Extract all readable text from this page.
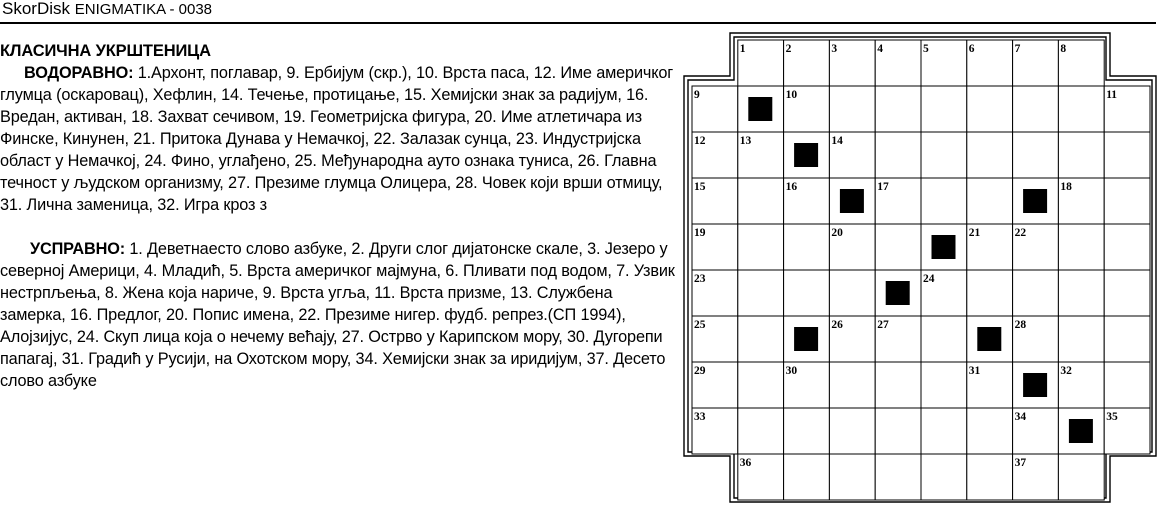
SkorDisk ENIGMATIKA - 0038
КЛАСИЧНА УКРШТЕНИЦА

ВОДОРАВНО: 1.Архонт, поглавар, 9. Ербијум (скр.), 10. Врста паса, 12. Име америчког глумца (оскаровац), Хефлин, 14. Течење, протицање, 15. Хемијски знак за радијум, 16. Вредан, активан, 18. Захват сечивом, 19. Геометријска фигура, 20. Име атлетичара из Финске, Кинунен, 21. Притока Дунава у Немачкој, 22. Залазак сунца, 23. Индустријска област у Немачкој, 24. Фино, углађено, 25. Међународна ауто ознака туниса, 26. Главна течност у људском организму, 27. Презиме глумца Олицера, 28. Човек који врши отмицу, 31. Лична заменица, 32. Игра кроз з

УСПРАВНО: 1. Деветнаесто слово азбуке, 2. Други слог дијатонске скале, 3. Језеро у северној Америци, 4. Младић, 5. Врста америчког мајмуна, 6. Пливати под водом, 7. Узвик нестрпљења, 8. Жена која нариче, 9. Врста угља, 11. Врста призме, 13. Службена замерка, 16. Предлог, 20. Попис имена, 22. Презиме нигер. фудб. репрез.(СП 1994), Алојзијус, 24. Скуп лица која о нечему већају, 27. Острво у Карипском мору, 30. Дугорепи папагај, 31. Градић у Русији, на Охотском мору, 34. Хемијски знак за иридијум, 37. Десето слово азбуке

1	2	3	4	5	6	7	8
9	10	11
12	13	14
15	16	17	18
19	20	21	22
23	24
25	26	27	28
29	30	31	32
33	34	35
36	37
